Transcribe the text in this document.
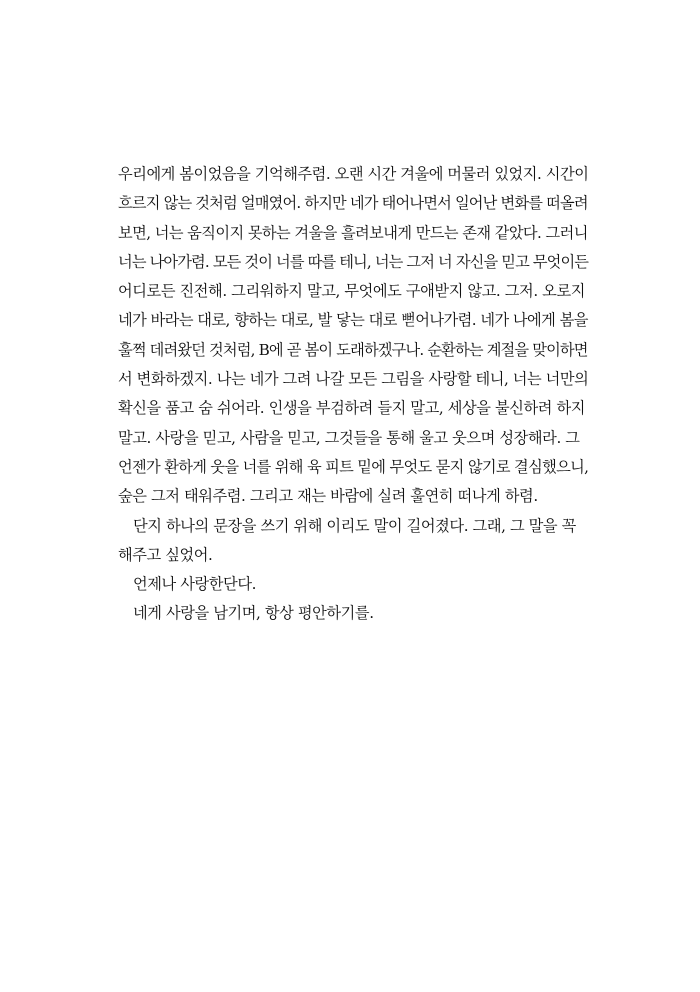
우리에게 봄이었음을 기억해주렴. 오랜 시간 겨울에 머물러 있었지. 시간이
흐르지 않는 것처럼 얼매였어. 하지만 네가 태어나면서 일어난 변화를 떠올려
보면, 너는 움직이지 못하는 겨울을 흘려보내게 만드는 존재 같았다. 그러니
너는 나아가렴. 모든 것이 너를 따를 테니, 너는 그저 너 자신을 믿고 무엇이든
어디로든 진전해. 그리워하지 말고, 무엇에도 구애받지 않고. 그저. 오로지
네가 바라는 대로, 향하는 대로, 발 닿는 대로 뻗어나가렴. 네가 나에게 봄을
훌쩍 데려왔던 것처럼, B에 곧 봄이 도래하겠구나. 순환하는 계절을 맞이하면
서 변화하겠지. 나는 네가 그려 나갈 모든 그림을 사랑할 테니, 너는 너만의
확신을 품고 숨 쉬어라. 인생을 부검하려 들지 말고, 세상을 불신하려 하지
말고. 사랑을 믿고, 사람을 믿고, 그것들을 통해 울고 웃으며 성장해라. 그
언젠가 환하게 웃을 너를 위해 육 피트 밑에 무엇도 묻지 않기로 결심했으니,
숲은 그저 태워주렴. 그리고 재는 바람에 실려 훌연히 떠나게 하렴.
단지 하나의 문장을 쓰기 위해 이리도 말이 길어졌다. 그래, 그 말을 꼭
해주고 싶었어.
언제나 사랑한단다.
네게 사랑을 남기며, 항상 평안하기를.
